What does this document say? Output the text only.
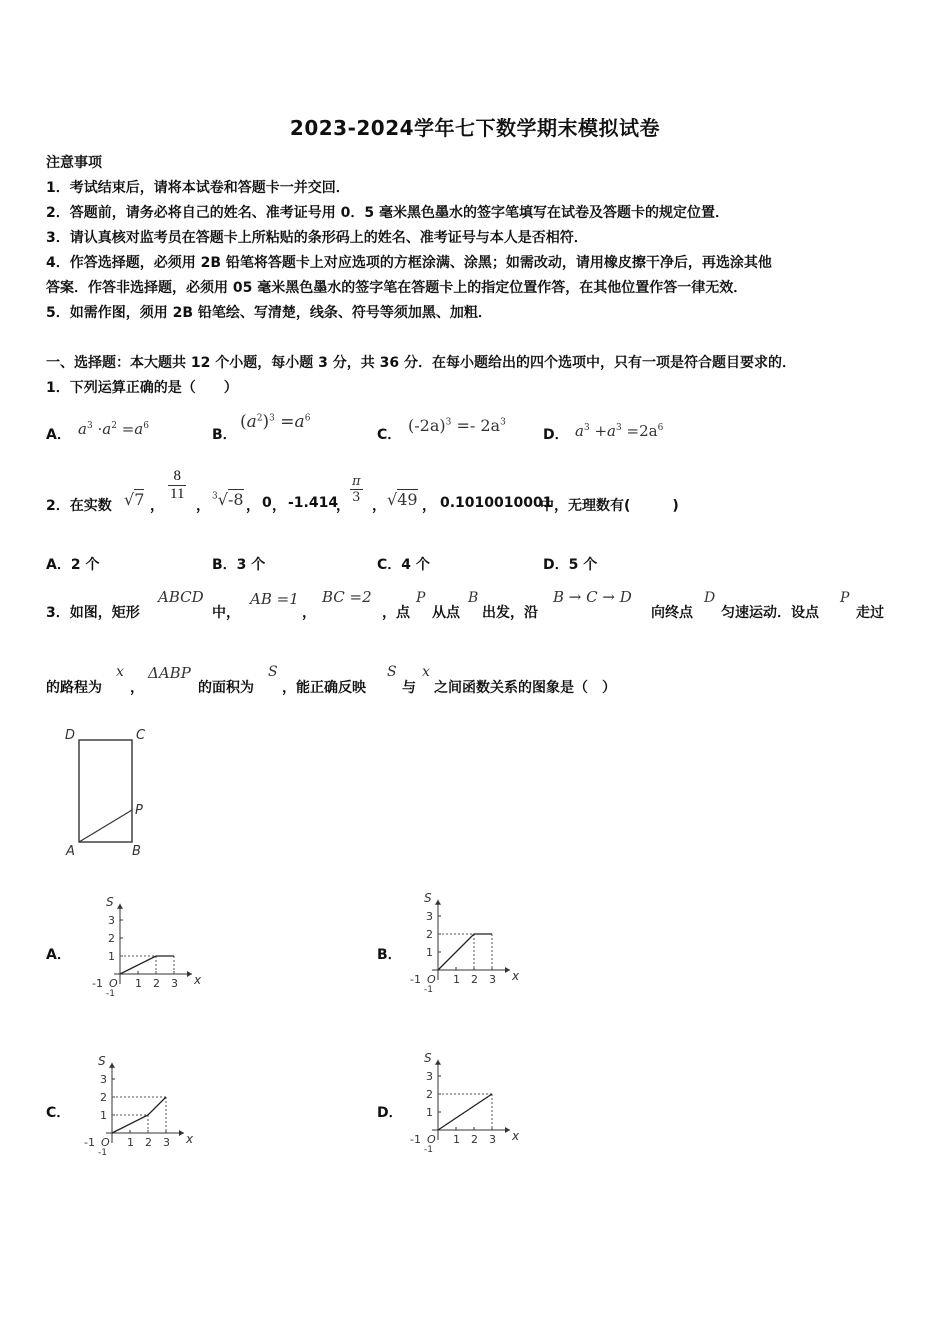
2023-2024学年七下数学期末模拟试卷
注意事项
1．考试结束后，请将本试卷和答题卡一并交回．
2．答题前，请务必将自己的姓名、准考证号用 0．5 毫米黑色墨水的签字笔填写在试卷及答题卡的规定位置．
3．请认真核对监考员在答题卡上所粘贴的条形码上的姓名、准考证号与本人是否相符．
4．作答选择题，必须用 2B 铅笔将答题卡上对应选项的方框涂满、涂黑；如需改动，请用橡皮擦干净后，再选涂其他
答案．作答非选择题，必须用 05 毫米黑色墨水的签字笔在答题卡上的指定位置作答，在其他位置作答一律无效．
5．如需作图，须用 2B 铅笔绘、写清楚，线条、符号等须加黑、加粗．
一、选择题：本大题共 12 个小题，每小题 3 分，共 36 分．在每小题给出的四个选项中，只有一项是符合题目要求的．
1．下列运算正确的是（　　）
A． $a^3 \cdot a^2 =a^6$
B．
$(a^2)^3 =a^6$
C． $(-2a)^3 =- 2a^3$
D． $a^3 +a^3 =2a^6$
2．在实数 √7 ，
$\frac{8}{11}$
，
$^3$√-8 ， 0 ， -1.414
，
$\frac{\pi}{3}$
， √49 ， 0.1010010001
中，无理数有(　　　)
A．2 个	B．3 个	C．4 个	D．5 个
3．如图，矩形
ABCD
中，
AB =1
，
BC =2
，点
P
从点
B
出发，沿
B → C → D
向终点
D
匀速运动．设点
P
走过
的路程为
x
，
ΔABP
的面积为
S
，能正确反映
S
与
x
之间函数关系的图象是（　）
D	C
P
A	B
A．	B．
C．	D．
1
2
3
1 2 3
S
x
O
-1
-1
1
2
3
1 2 3
S
x
O
-1
-1
1
2
3
1 2 3
S
x
O
-1
-1
1
2
3
1 2 3
S
x
O
-1
-1
